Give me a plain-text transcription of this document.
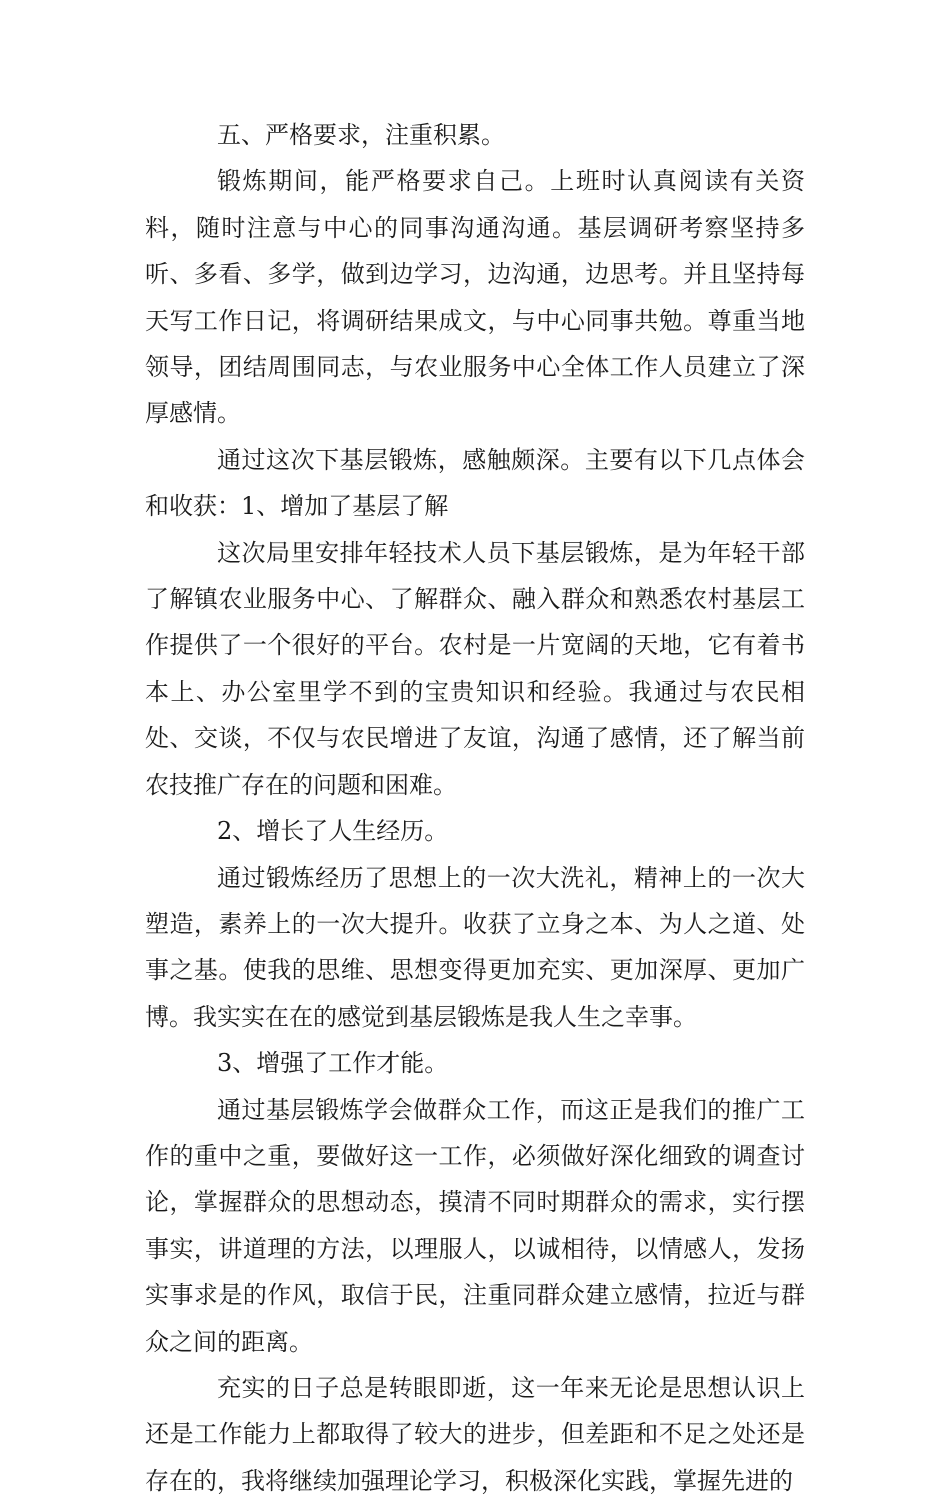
五、严格要求，注重积累。

锻炼期间，能严格要求自己。上班时认真阅读有关资料，随时注意与中心的同事沟通沟通。基层调研考察坚持多听、多看、多学，做到边学习，边沟通，边思考。并且坚持每天写工作日记，将调研结果成文，与中心同事共勉。尊重当地领导，团结周围同志，与农业服务中心全体工作人员建立了深厚感情。

通过这次下基层锻炼，感触颇深。主要有以下几点体会和收获：1、增加了基层了解

这次局里安排年轻技术人员下基层锻炼，是为年轻干部了解镇农业服务中心、了解群众、融入群众和熟悉农村基层工作提供了一个很好的平台。农村是一片宽阔的天地，它有着书本上、办公室里学不到的宝贵知识和经验。我通过与农民相处、交谈，不仅与农民增进了友谊，沟通了感情，还了解当前农技推广存在的问题和困难。

2、增长了人生经历。

通过锻炼经历了思想上的一次大洗礼，精神上的一次大塑造，素养上的一次大提升。收获了立身之本、为人之道、处事之基。使我的思维、思想变得更加充实、更加深厚、更加广博。我实实在在的感觉到基层锻炼是我人生之幸事。

3、增强了工作才能。

通过基层锻炼学会做群众工作，而这正是我们的推广工作的重中之重，要做好这一工作，必须做好深化细致的调查讨论，掌握群众的思想动态，摸清不同时期群众的需求，实行摆事实，讲道理的方法，以理服人，以诚相待，以情感人，发扬实事求是的作风，取信于民，注重同群众建立感情，拉近与群众之间的距离。

充实的日子总是转眼即逝，这一年来无论是思想认识上还是工作能力上都取得了较大的进步，但差距和不足之处还是存在的，我将继续加强理论学习，积极深化实践，掌握先进的
